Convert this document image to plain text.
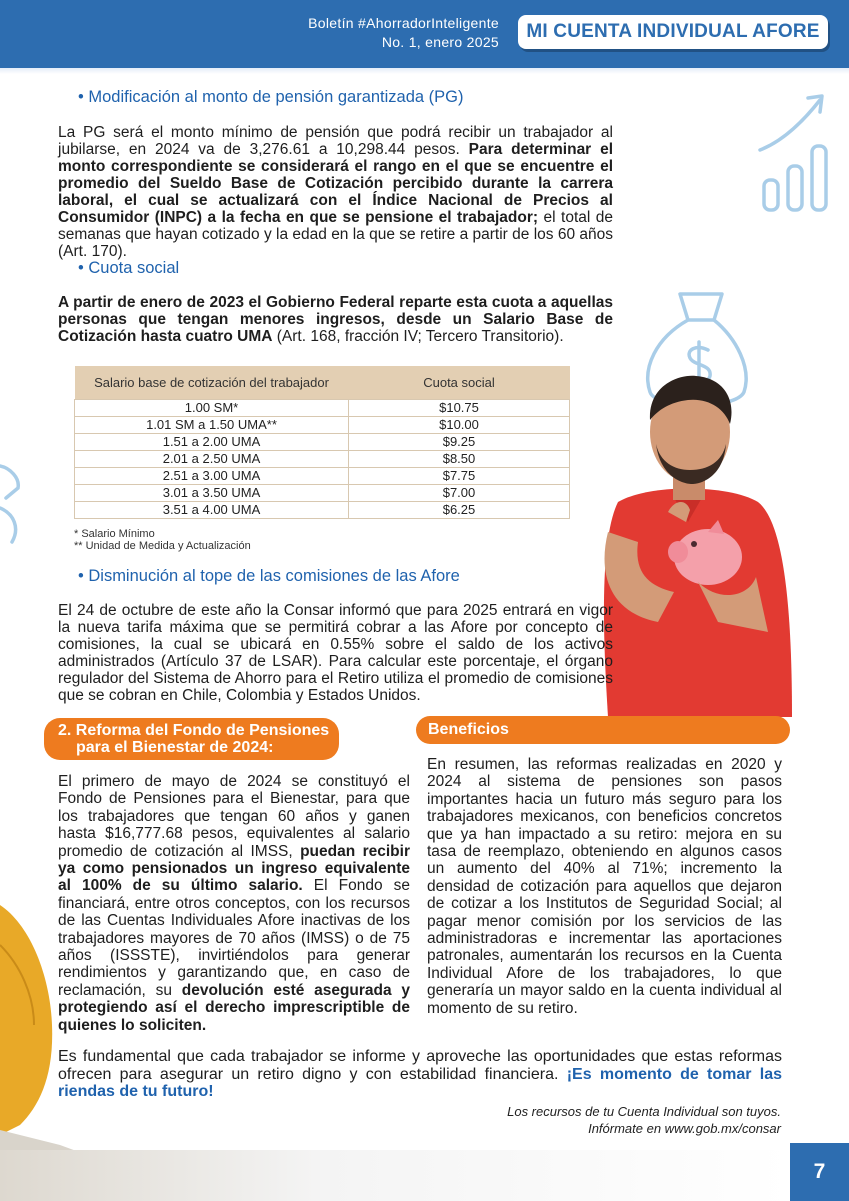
Boletín #AhorradorInteligente
No. 1, enero 2025 MI CUENTA INDIVIDUAL AFORE
• Modificación al monto de pensión garantizada (PG)
La PG será el monto mínimo de pensión que podrá recibir un trabajador al jubilarse, en 2024 va de 3,276.61 a 10,298.44 pesos. Para determinar el monto correspondiente se considerará el rango en el que se encuentre el promedio del Sueldo Base de Cotización percibido durante la carrera laboral, el cual se actualizará con el Índice Nacional de Precios al Consumidor (INPC) a la fecha en que se pensione el trabajador; el total de semanas que hayan cotizado y la edad en la que se retire a partir de los 60 años (Art. 170).
• Cuota social
A partir de enero de 2023 el Gobierno Federal reparte esta cuota a aquellas personas que tengan menores ingresos, desde un Salario Base de Cotización hasta cuatro UMA (Art. 168, fracción IV; Tercero Transitorio).
Salario base de cotización del trabajador	Cuota social
1.00 SM*	$10.75
1.01 SM a 1.50 UMA**	$10.00
1.51 a 2.00 UMA	$9.25
2.01 a 2.50 UMA	$8.50
2.51 a 3.00 UMA	$7.75
3.01 a 3.50 UMA	$7.00
3.51 a 4.00 UMA	$6.25
* Salario Mínimo
** Unidad de Medida y Actualización
• Disminución al tope de las comisiones de las Afore
El 24 de octubre de este año la Consar informó que para 2025 entrará en vigor la nueva tarifa máxima que se permitirá cobrar a las Afore por concepto de comisiones, la cual se ubicará en 0.55% sobre el saldo de los activos administrados (Artículo 37 de LSAR). Para calcular este porcentaje, el órgano regulador del Sistema de Ahorro para el Retiro utiliza el promedio de comisiones que se cobran en Chile, Colombia y Estados Unidos.
2. Reforma del Fondo de Pensiones
para el Bienestar de 2024:
El primero de mayo de 2024 se constituyó el Fondo de Pensiones para el Bienestar, para que los trabajadores que tengan 60 años y ganen hasta $16,777.68 pesos, equivalentes al salario promedio de cotización al IMSS, puedan recibir ya como pensionados un ingreso equivalente al 100% de su último salario. El Fondo se financiará, entre otros conceptos, con los recursos de las Cuentas Individuales Afore inactivas de los trabajadores mayores de 70 años (IMSS) o de 75 años (ISSSTE), invirtiéndolos para generar rendimientos y garantizando que, en caso de reclamación, su devolución esté asegurada y protegiendo así el derecho imprescriptible de quienes lo soliciten.
Beneficios
En resumen, las reformas realizadas en 2020 y 2024 al sistema de pensiones son pasos importantes hacia un futuro más seguro para los trabajadores mexicanos, con beneficios concretos que ya han impactado a su retiro: mejora en su tasa de reemplazo, obteniendo en algunos casos un aumento del 40% al 71%; incremento la densidad de cotización para aquellos que dejaron de cotizar a los Institutos de Seguridad Social; al pagar menor comisión por los servicios de las administradoras e incrementar las aportaciones patronales, aumentarán los recursos en la Cuenta Individual Afore de los trabajadores, lo que generaría un mayor saldo en la cuenta individual al momento de su retiro.
Es fundamental que cada trabajador se informe y aproveche las oportunidades que estas reformas ofrecen para asegurar un retiro digno y con estabilidad financiera. ¡Es momento de tomar las riendas de tu futuro!
Los recursos de tu Cuenta Individual son tuyos.
Infórmate en www.gob.mx/consar
7
